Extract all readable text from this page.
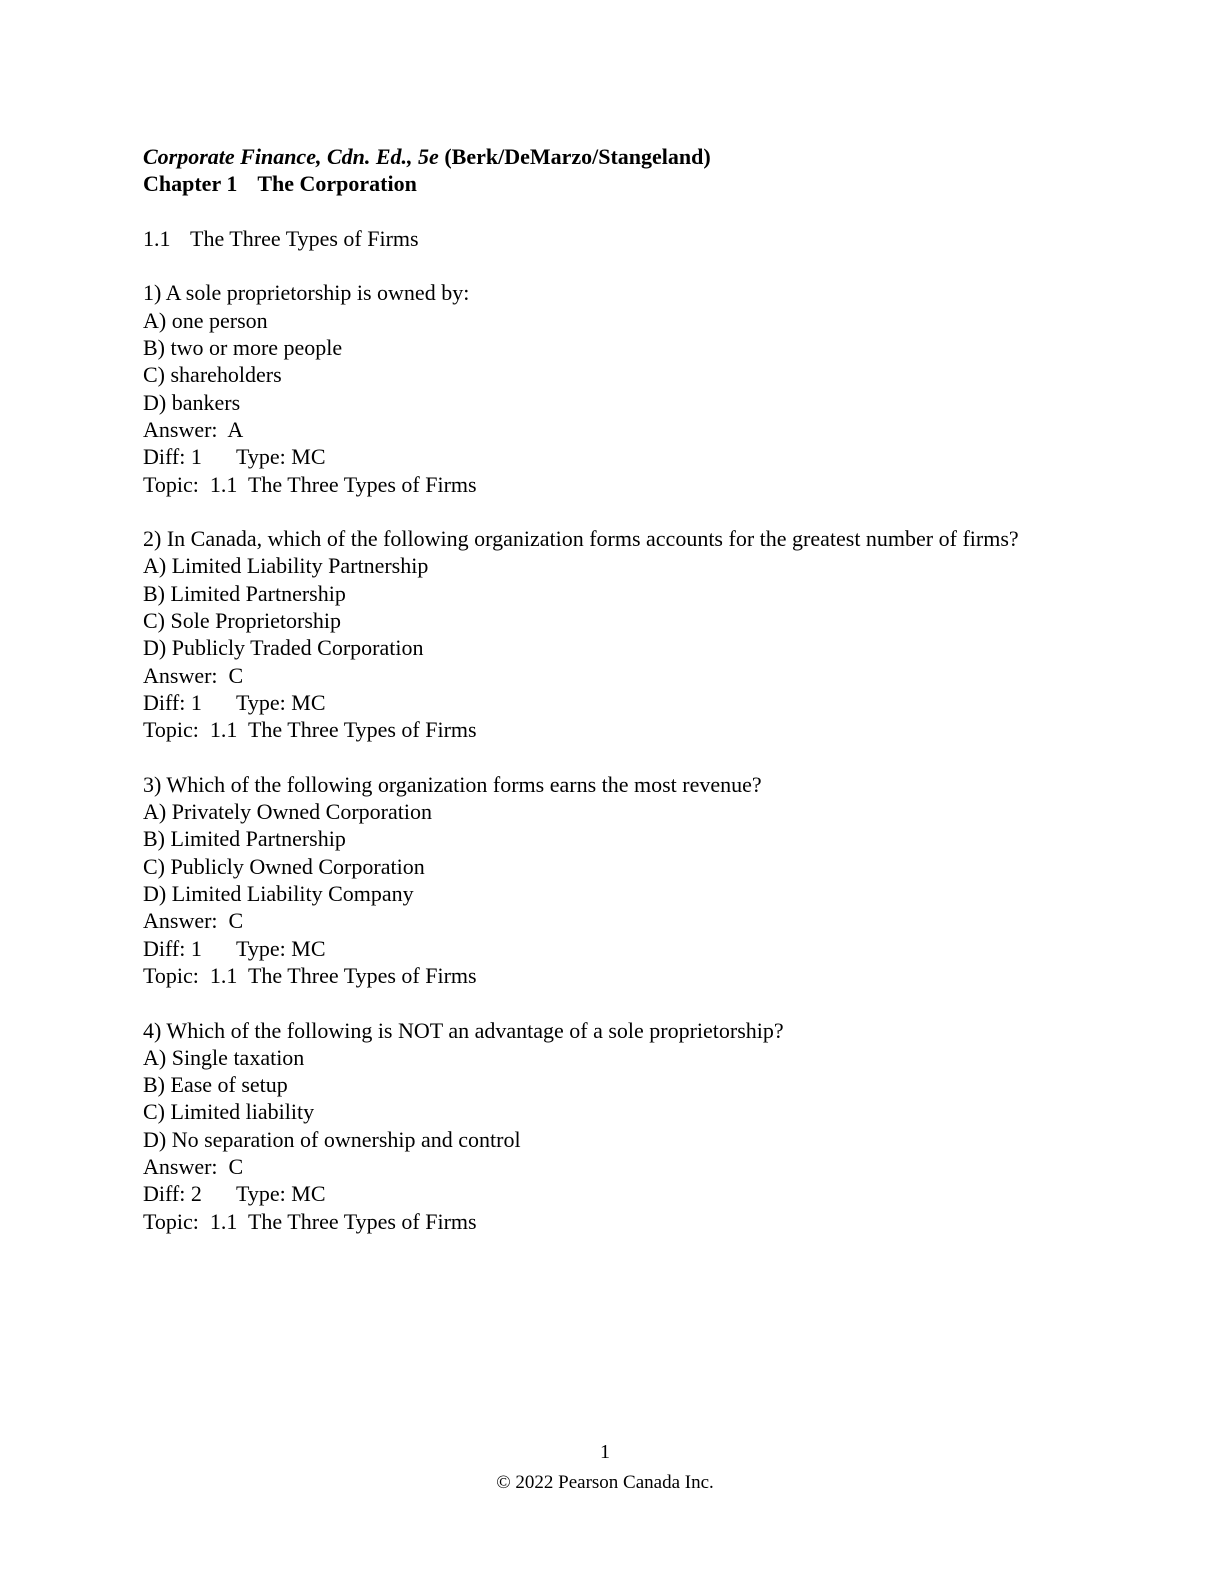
Corporate Finance, Cdn. Ed., 5e (Berk/DeMarzo/Stangeland)
Chapter 1 The Corporation
1.1 The Three Types of Firms
1) A sole proprietorship is owned by:
A) one person
B) two or more people
C) shareholders
D) bankers
Answer:  A
Diff: 1 Type: MC
Topic:  1.1  The Three Types of Firms
2) In Canada, which of the following organization forms accounts for the greatest number of firms?
A) Limited Liability Partnership
B) Limited Partnership
C) Sole Proprietorship
D) Publicly Traded Corporation
Answer:  C
Diff: 1 Type: MC
Topic:  1.1  The Three Types of Firms
3) Which of the following organization forms earns the most revenue?
A) Privately Owned Corporation
B) Limited Partnership
C) Publicly Owned Corporation
D) Limited Liability Company
Answer:  C
Diff: 1 Type: MC
Topic:  1.1  The Three Types of Firms
4) Which of the following is NOT an advantage of a sole proprietorship?
A) Single taxation
B) Ease of setup
C) Limited liability
D) No separation of ownership and control
Answer:  C
Diff: 2 Type: MC
Topic:  1.1  The Three Types of Firms
1
© 2022 Pearson Canada Inc.
